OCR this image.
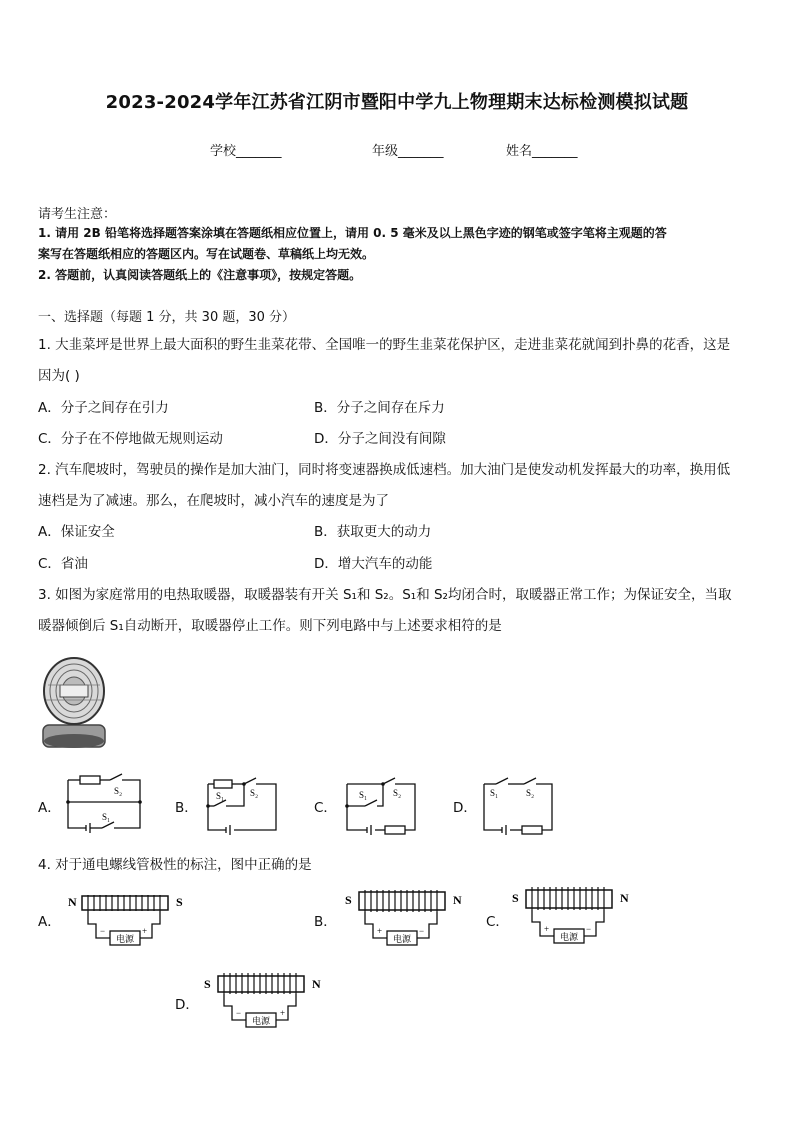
2023-2024学年江苏省江阴市暨阳中学九上物理期末达标检测模拟试题
学校_______	年级_______	姓名_______
请考生注意：
1. 请用 2B 铅笔将选择题答案涂填在答题纸相应位置上，请用 0. 5 毫米及以上黑色字迹的钢笔或签字笔将主观题的答
案写在答题纸相应的答题区内。写在试题卷、草稿纸上均无效。
2. 答题前，认真阅读答题纸上的《注意事项》，按规定答题。
一、选择题（每题 1 分，共 30 题，30 分）
1. 大韭菜坪是世界上最大面积的野生韭菜花带、全国唯一的野生韭菜花保护区，走进韭菜花就闻到扑鼻的花香，这是
因为( )
A．分子之间存在引力	B．分子之间存在斥力
C．分子在不停地做无规则运动	D．分子之间没有间隙
2. 汽车爬坡时，驾驶员的操作是加大油门，同时将变速器换成低速档。加大油门是使发动机发挥最大的功率，换用低
速档是为了减速。那么，在爬坡时，减小汽车的速度是为了
A．保证安全	B．获取更大的动力
C．省油	D．增大汽车的动能
3. 如图为家庭常用的电热取暖器，取暖器装有开关 S₁和 S₂。S₁和 S₂均闭合时，取暖器正常工作；为保证安全，当取
暖器倾倒后 S₁自动断开，取暖器停止工作。则下列电路中与上述要求相符的是
A．	B．	C．	D．
S₂
S₁
S₂
S₁	S₂
S₁	S₁	S₂
4. 对于通电螺线管极性的标注，图中正确的是
A．	B．	C．
D．
N	S
电源
−	+
S	N
电源
+	−
S	N
电源
+	−
S	N
电源
−	+
